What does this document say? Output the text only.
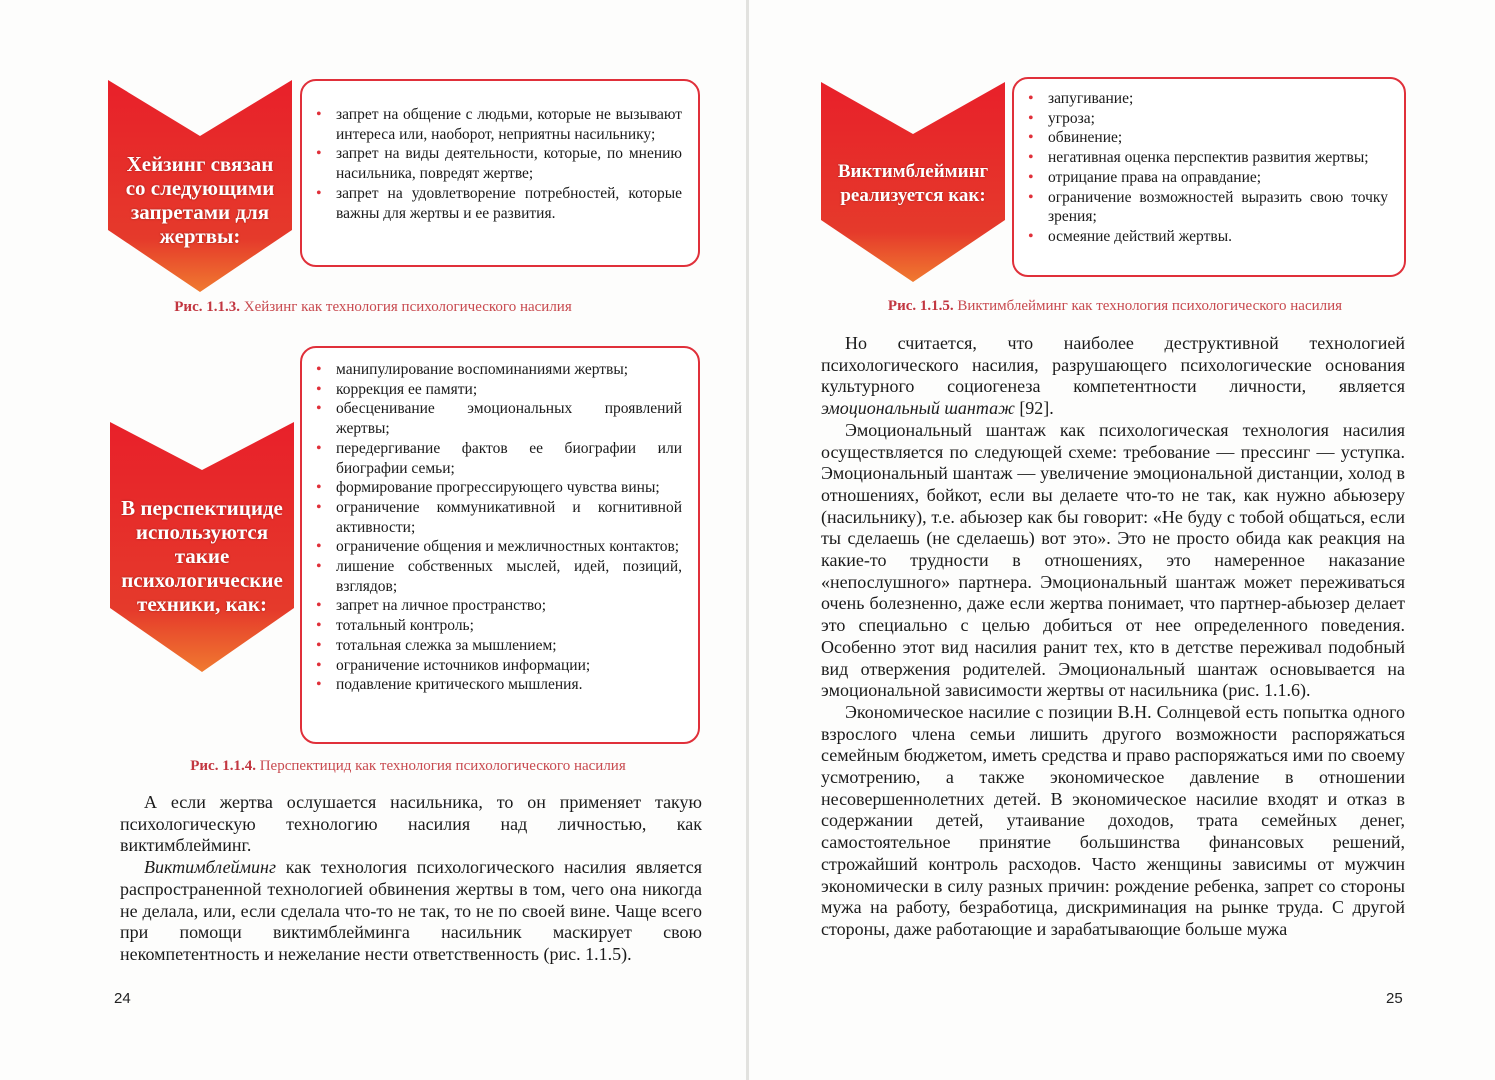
Хейзинг связан
со следующими
запретами для
жертвы:
• запрет на общение с людьми, которые не вызывают интереса или, наоборот, неприятны насильнику;
• запрет на виды деятельности, которые, по мнению насильника, повредят жертве;
• запрет на удовлетворение потребностей, которые важны для жертвы и ее развития.
Рис. 1.1.3. Хейзинг как технология психологического насилия
В перспектициде
используются
такие
психологические
техники, как:
• манипулирование воспоминаниями жертвы;
• коррекция ее памяти;
• обесценивание эмоциональных проявлений жертвы;
• передергивание фактов ее биографии или биографии семьи;
• формирование прогрессирующего чувства вины;
• ограничение коммуникативной и когнитивной активности;
• ограничение общения и межличностных контактов;
• лишение собственных мыслей, идей, позиций, взглядов;
• запрет на личное пространство;
• тотальный контроль;
• тотальная слежка за мышлением;
• ограничение источников информации;
• подавление критического мышления.
Рис. 1.1.4. Перспектицид как технология психологического насилия

А если жертва ослушается насильника, то он применяет такую психологическую технологию насилия над личностью, как виктимблейминг.

Виктимблейминг как технология психологического насилия является распространенной технологией обвинения жертвы в том, чего она никогда не делала, или, если сделала что-то не так, то не по своей вине. Чаще всего при помощи виктимблейминга насильник маскирует свою некомпетентность и нежелание нести ответственность (рис. 1.1.5).

24
Виктимблейминг
реализуется как:
• запугивание;
• угроза;
• обвинение;
• негативная оценка перспектив развития жертвы;
• отрицание права на оправдание;
• ограничение возможностей выразить свою точку зрения;
• осмеяние действий жертвы.
Рис. 1.1.5. Виктимблейминг как технология психологического насилия

Но считается, что наиболее деструктивной технологией психологического насилия, разрушающего психологические основания культурного социогенеза компетентности личности, является эмоциональный шантаж [92].

Эмоциональный шантаж как психологическая технология насилия осуществляется по следующей схеме: требование — прессинг — уступка. Эмоциональный шантаж — увеличение эмоциональной дистанции, холод в отношениях, бойкот, если вы делаете что-то не так, как нужно абьюзеру (насильнику), т.е. абьюзер как бы говорит: «Не буду с тобой общаться, если ты сделаешь (не сделаешь) вот это». Это не просто обида как реакция на какие-то трудности в отношениях, это намеренное наказание «непослушного» партнера. Эмоциональный шантаж может переживаться очень болезненно, даже если жертва понимает, что партнер-абьюзер делает это специально с целью добиться от нее определенного поведения. Особенно этот вид насилия ранит тех, кто в детстве переживал подобный вид отвержения родителей. Эмоциональный шантаж основывается на эмоциональной зависимости жертвы от насильника (рис. 1.1.6).

Экономическое насилие с позиции В.Н. Солнцевой есть попытка одного взрослого члена семьи лишить другого возможности распоряжаться семейным бюджетом, иметь средства и право распоряжаться ими по своему усмотрению, а также экономическое давление в отношении несовершеннолетних детей. В экономическое насилие входят и отказ в содержании детей, утаивание доходов, трата семейных денег, самостоятельное принятие большинства финансовых решений, строжайший контроль расходов. Часто женщины зависимы от мужчин экономически в силу разных причин: рождение ребенка, запрет со стороны мужа на работу, безработица, дискриминация на рынке труда. С другой стороны, даже работающие и зарабатывающие больше мужа

25
